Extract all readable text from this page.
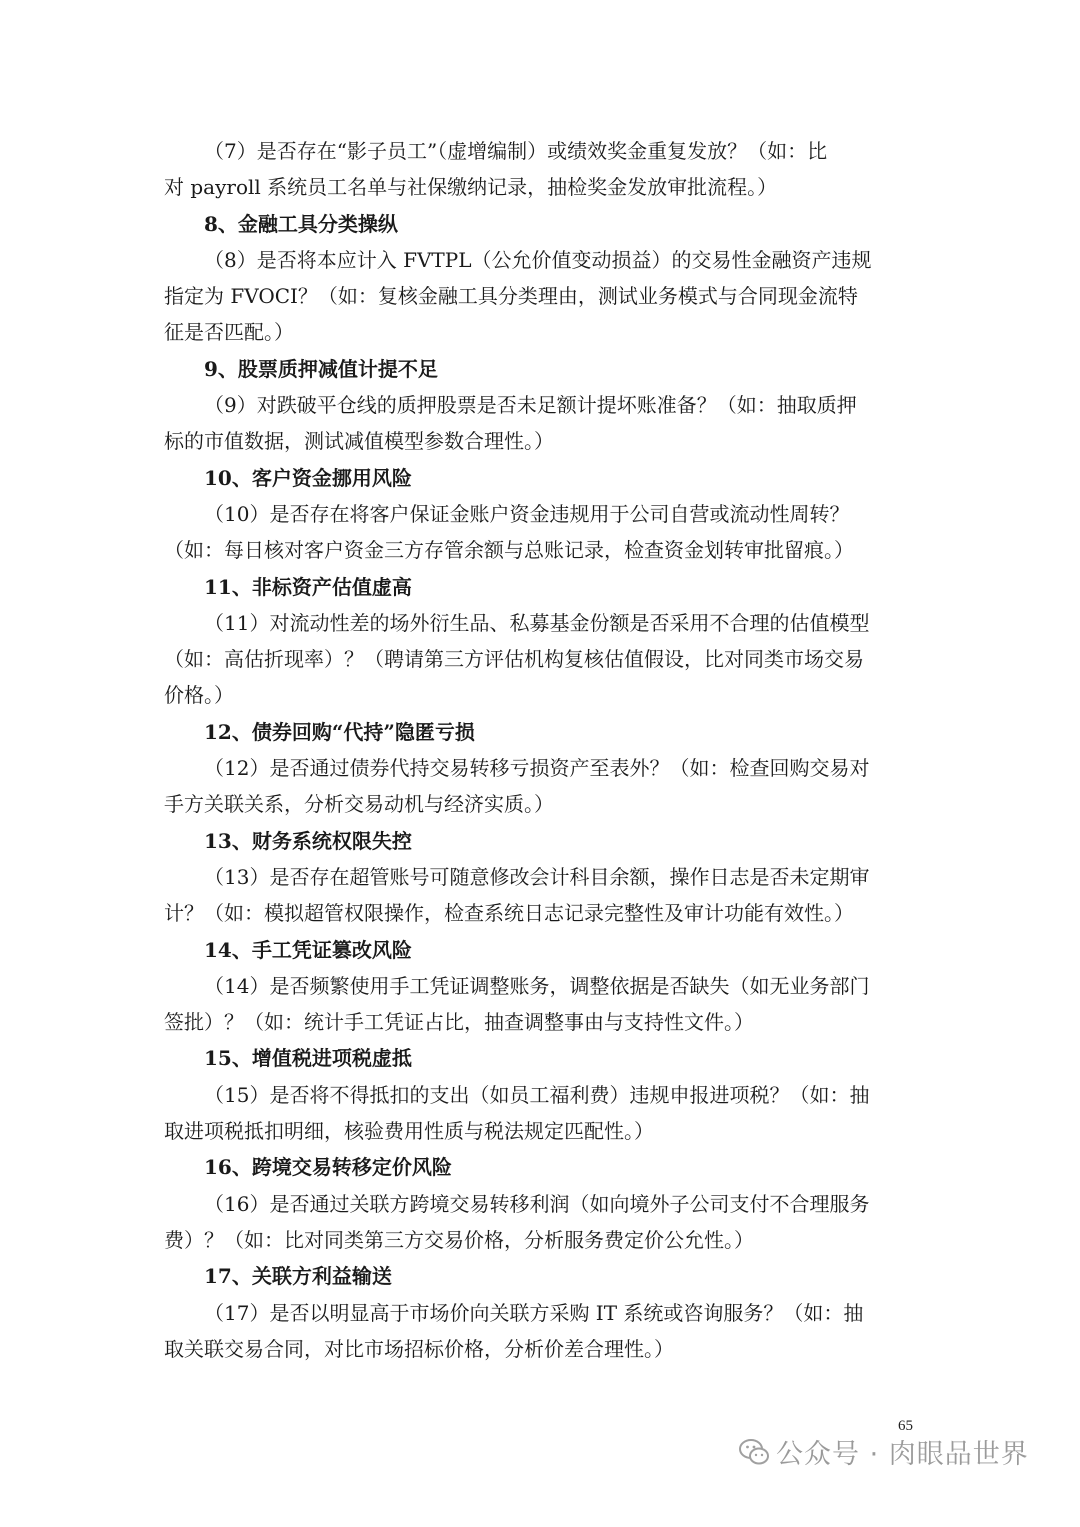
（7）是否存在“影子员工”（虚增编制）或绩效奖金重复发放？（如：比
对 payroll 系统员工名单与社保缴纳记录，抽检奖金发放审批流程。）
8、金融工具分类操纵
（8）是否将本应计入 FVTPL（公允价值变动损益）的交易性金融资产违规
指定为 FVOCI？（如：复核金融工具分类理由，测试业务模式与合同现金流特
征是否匹配。）
9、股票质押减值计提不足
（9）对跌破平仓线的质押股票是否未足额计提坏账准备？（如：抽取质押
标的市值数据，测试减值模型参数合理性。）
10、客户资金挪用风险
（10）是否存在将客户保证金账户资金违规用于公司自营或流动性周转？
（如：每日核对客户资金三方存管余额与总账记录，检查资金划转审批留痕。）
11、非标资产估值虚高
（11）对流动性差的场外衍生品、私募基金份额是否采用不合理的估值模型
（如：高估折现率）？（聘请第三方评估机构复核估值假设，比对同类市场交易
价格。）
12、债券回购“代持”隐匿亏损
（12）是否通过债券代持交易转移亏损资产至表外？（如：检查回购交易对
手方关联关系，分析交易动机与经济实质。）
13、财务系统权限失控
（13）是否存在超管账号可随意修改会计科目余额，操作日志是否未定期审
计？（如：模拟超管权限操作，检查系统日志记录完整性及审计功能有效性。）
14、手工凭证篡改风险
（14）是否频繁使用手工凭证调整账务，调整依据是否缺失（如无业务部门
签批）？（如：统计手工凭证占比，抽查调整事由与支持性文件。）
15、增值税进项税虚抵
（15）是否将不得抵扣的支出（如员工福利费）违规申报进项税？（如：抽
取进项税抵扣明细，核验费用性质与税法规定匹配性。）
16、跨境交易转移定价风险
（16）是否通过关联方跨境交易转移利润（如向境外子公司支付不合理服务
费）？（如：比对同类第三方交易价格，分析服务费定价公允性。）
17、关联方利益输送
（17）是否以明显高于市场价向关联方采购 IT 系统或咨询服务？（如：抽
取关联交易合同，对比市场招标价格，分析价差合理性。）
65
公众号 · 肉眼品世界
